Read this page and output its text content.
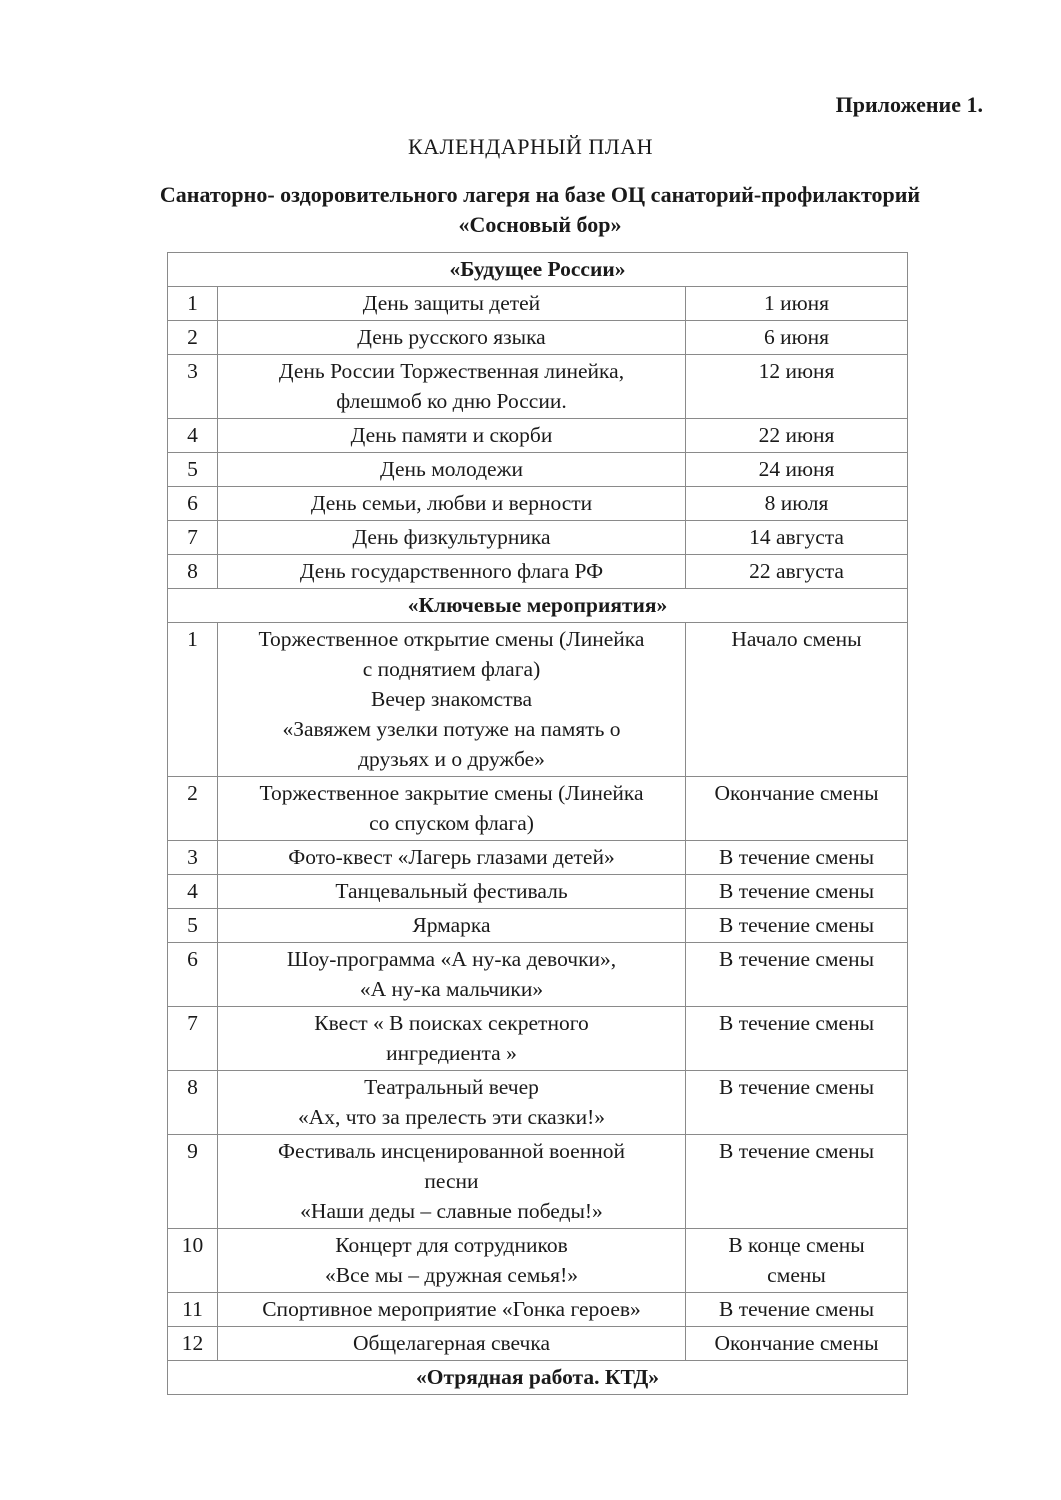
Приложение 1.
КАЛЕНДАРНЫЙ ПЛАН
Санаторно- оздоровительного лагеря на базе ОЦ санаторий-профилакторий
«Сосновый бор»
«Будущее России»		
1	День защиты детей	1 июня

2	День русского языка	6 июня

3	День России Торжественная линейка,
флешмоб ко дню России.	12 июня

4	День памяти и скорби	22 июня

5	День молодежи	24 июня

6	День семьи, любви и верности	8 июля

7	День физкультурника	14 августа

8	День государственного флага РФ	22 августа

«Ключевые мероприятия»		
1	Торжественное открытие смены (Линейка
с поднятием флага)
Вечер знакомства
«Завяжем узелки потуже на память о
друзьях и о дружбе»	Начало смены

2	Торжественное закрытие смены (Линейка
со спуском флага)	Окончание смены

3	Фото-квест «Лагерь глазами детей»	В течение смены

4	Танцевальный фестиваль	В течение смены

5	Ярмарка	В течение смены

6	Шоу-программа «А ну-ка девочки»,
«А ну-ка мальчики»	В течение смены

7	Квест « В поисках секретного
ингредиента »	В течение смены

8	Театральный вечер
«Ах, что за прелесть эти сказки!»	В течение смены

9	Фестиваль инсценированной военной
песни
«Наши деды – славные победы!»	В течение смены

10	Концерт для сотрудников
«Все мы – дружная семья!»	В конце смены
смены

11	Спортивное мероприятие «Гонка героев»	В течение смены

12	Общелагерная свечка	Окончание смены

«Отрядная работа. КТД»		
